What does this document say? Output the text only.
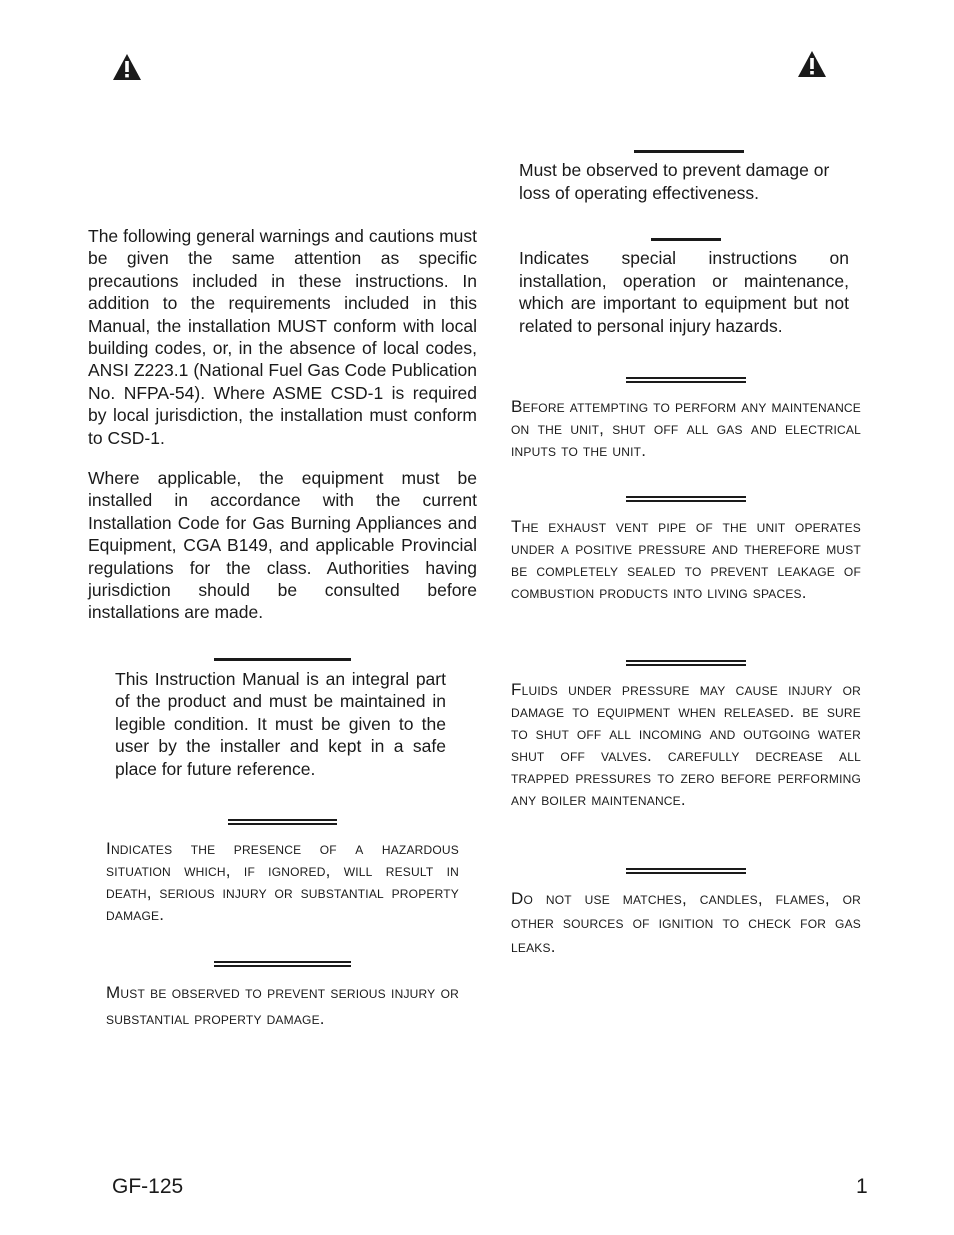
The following general warnings and cautions must be given the same attention as specific precautions included in these instructions. In addition to the requirements included in this Manual, the installation MUST conform with local building codes, or, in the absence of local codes, ANSI Z223.1 (National Fuel Gas Code Publication No. NFPA-54). Where ASME CSD-1 is required by local jurisdiction, the installation must conform to CSD-1.
Where applicable, the equipment must be installed in accordance with the current Installation Code for Gas Burning Appliances and Equipment, CGA B149, and applicable Provincial regulations for the class. Authorities having jurisdiction should be consulted before installations are made.
This Instruction Manual is an integral part of the product and must be maintained in legible condition. It must be given to the user by the installer and kept in a safe place for future reference.
Indicates the presence of a hazardous situation which, if ignored, will result in death, serious injury or substantial property damage.
Must be observed to prevent serious injury or substantial property damage.
Must be observed to prevent damage or loss of operating effectiveness.
Indicates special instructions on installation, operation or maintenance, which are important to equipment but not related to personal injury hazards.
Before attempting to perform any maintenance on the unit, shut off all gas and electrical inputs to the unit.
The exhaust vent pipe of the unit operates under a positive pressure and therefore must be completely sealed to prevent leakage of combustion products into living spaces.
Fluids under pressure may cause injury or damage to equipment when released. be sure to shut off all incoming and outgoing water shut off valves. carefully decrease all trapped pressures to zero before performing any boiler maintenance.
Do not use matches, candles, flames, or other sources of ignition to check for gas leaks.
GF-125	1
